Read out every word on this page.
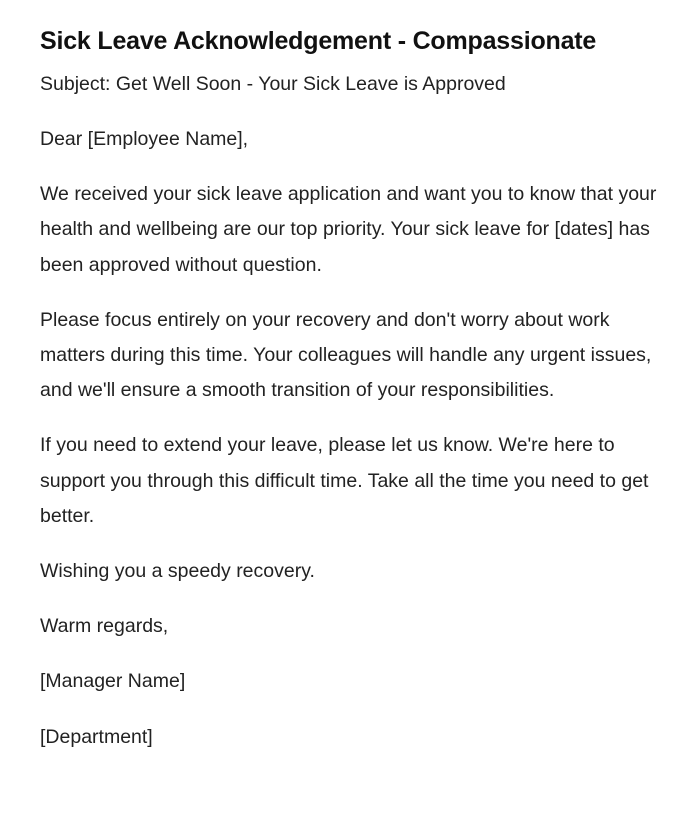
Sick Leave Acknowledgement - Compassionate

Subject: Get Well Soon - Your Sick Leave is Approved

Dear [Employee Name],

We received your sick leave application and want you to know that your health and wellbeing are our top priority. Your sick leave for [dates] has been approved without question.

Please focus entirely on your recovery and don't worry about work matters during this time. Your colleagues will handle any urgent issues, and we'll ensure a smooth transition of your responsibilities.

If you need to extend your leave, please let us know. We're here to support you through this difficult time. Take all the time you need to get better.

Wishing you a speedy recovery.

Warm regards,

[Manager Name]

[Department]
